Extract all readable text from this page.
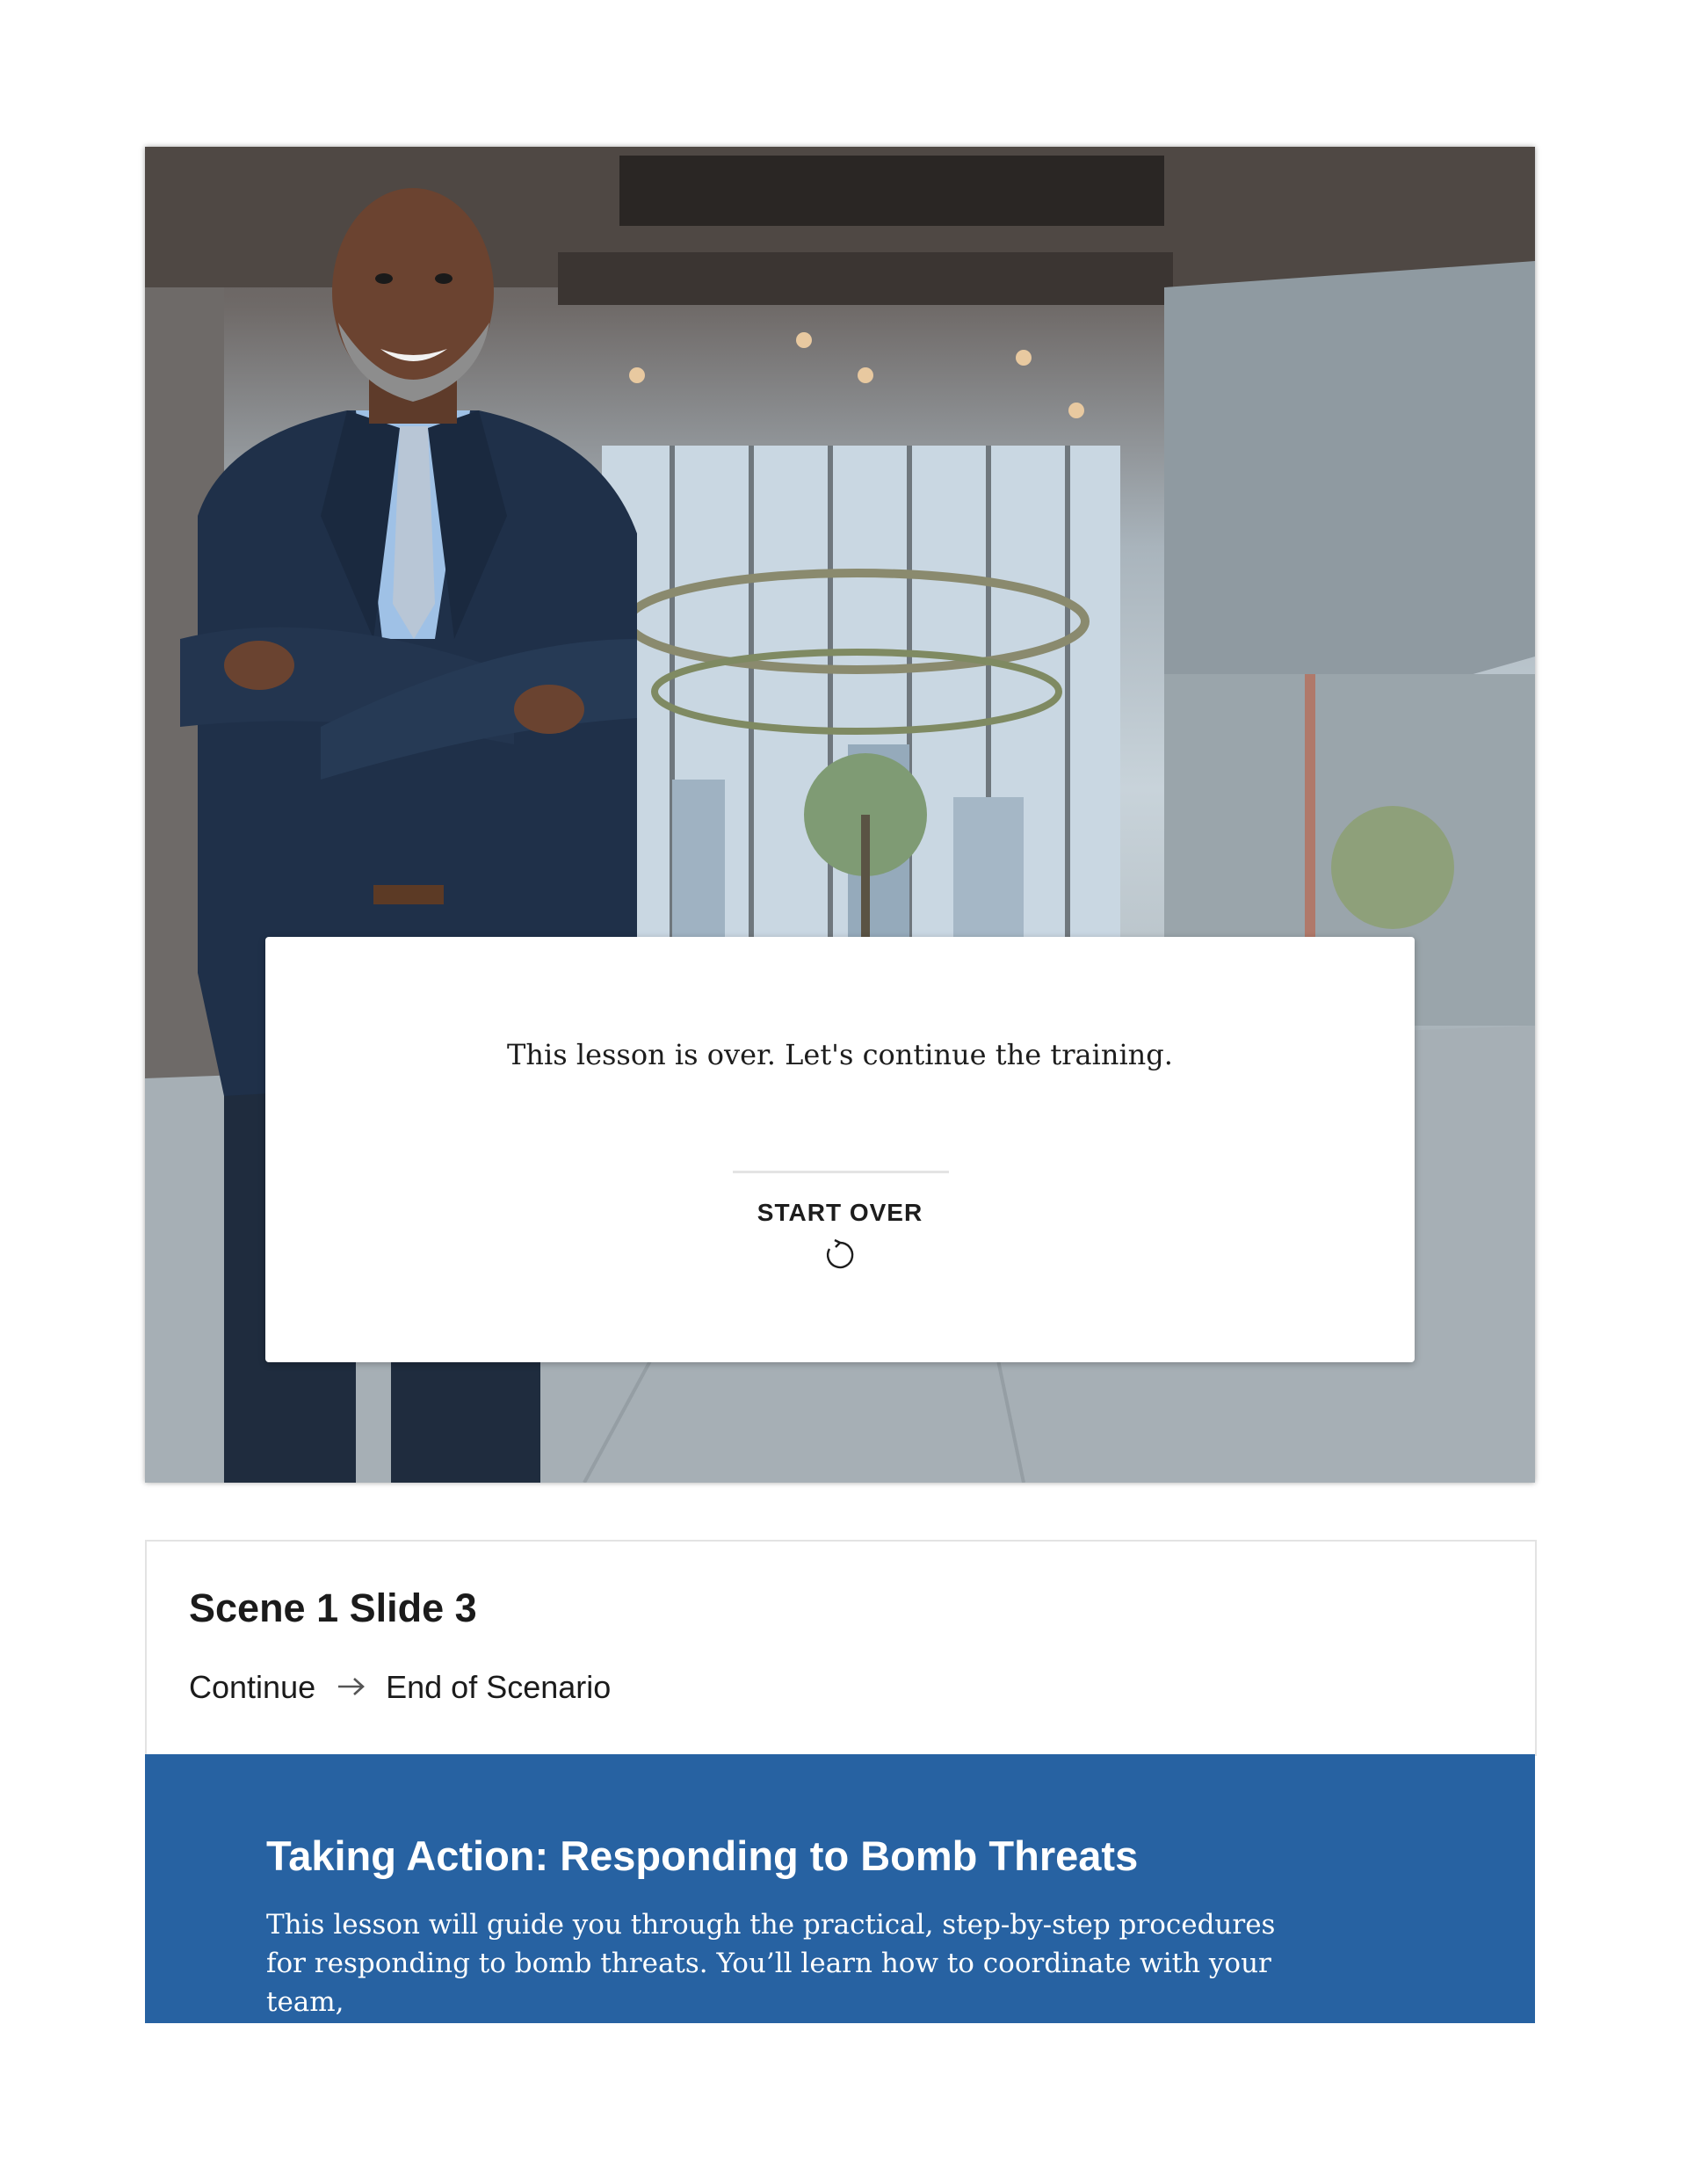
This lesson is over. Let's continue the training.
START OVER
Scene 1 Slide 3
Continue End of Scenario
Taking Action: Responding to Bomb Threats
This lesson will guide you through the practical, step-by-step procedures for responding to bomb threats. You’ll learn how to coordinate with your team,
